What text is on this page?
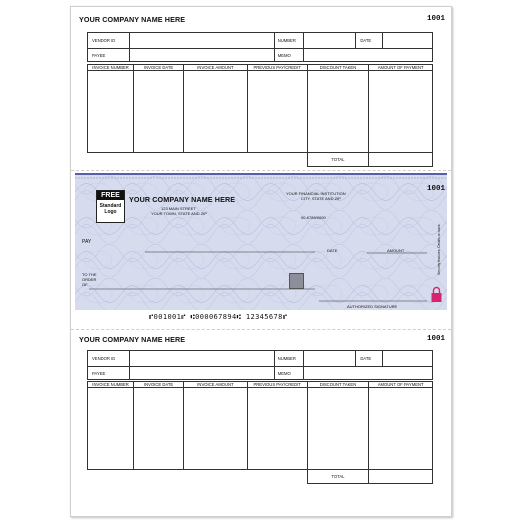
YOUR COMPANY NAME HERE	1001
VENDOR ID		NUMBER		DATE	
PAYEE		MEMO			
INVOICE NUMBER	INVOICE DATE	INVOICE AMOUNT	PREVIOUS PAY/CREDIT	DISCOUNT TAKEN	AMOUNT OF PAYMENT

				TOTAL	
FREE
Standard
Logo
YOUR COMPANY NAME HERE
123 MAIN STREET
YOUR TOWN, STATE AND ZIP
YOUR FINANCIAL INSTITUTION
CITY, STATE AND ZIP
00-6789/0000
1001
PAY
DATE	AMOUNT
TO THE
ORDER
OF
AUTHORIZED SIGNATURE
Security features. Details on back.
⑈001001⑈ ⑆000067894⑆ 12345678⑈
YOUR COMPANY NAME HERE	1001
VENDOR ID		NUMBER		DATE	
PAYEE		MEMO			
INVOICE NUMBER	INVOICE DATE	INVOICE AMOUNT	PREVIOUS PAY/CREDIT	DISCOUNT TAKEN	AMOUNT OF PAYMENT

				TOTAL	
